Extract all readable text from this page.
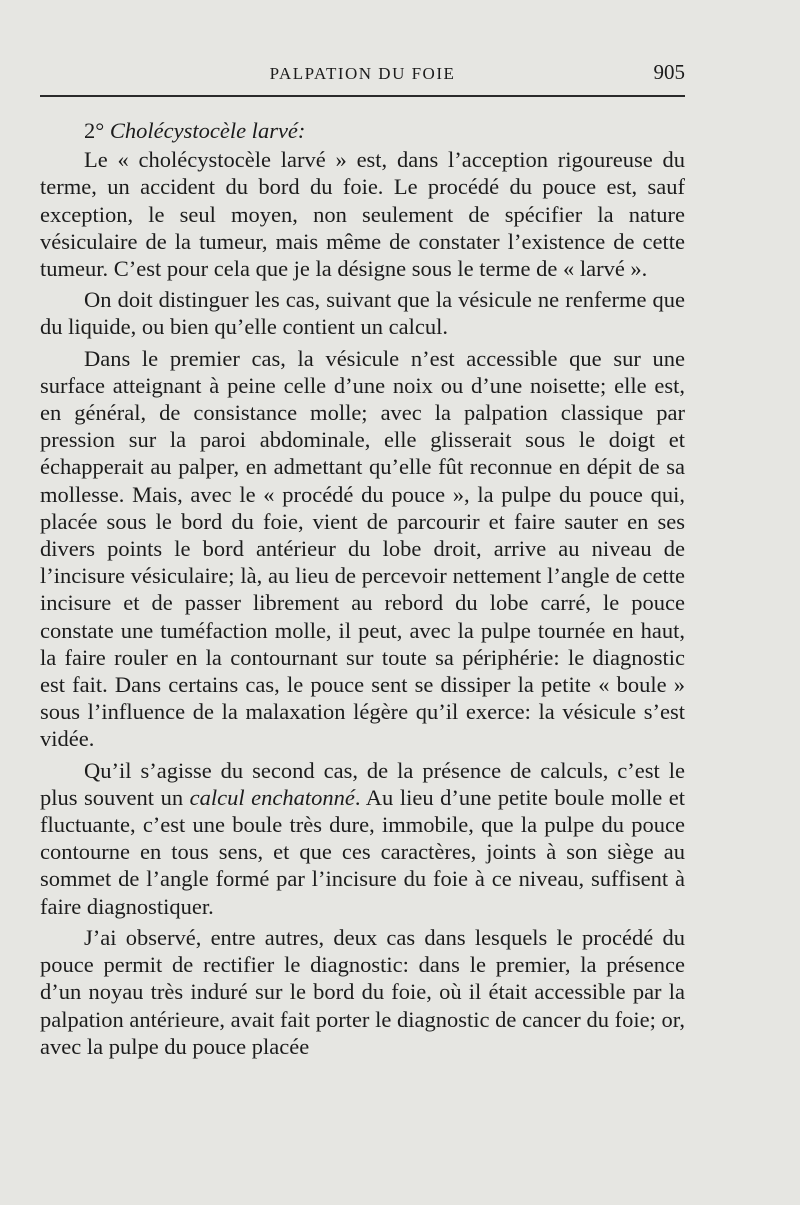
PALPATION DU FOIE	905

2° Cholécystocèle larvé:

Le « cholécystocèle larvé » est, dans l’acception rigoureuse du terme, un accident du bord du foie. Le procédé du pouce est, sauf exception, le seul moyen, non seulement de spécifier la nature vésiculaire de la tumeur, mais même de constater l’existence de cette tumeur. C’est pour cela que je la désigne sous le terme de « larvé ».

On doit distinguer les cas, suivant que la vésicule ne renferme que du liquide, ou bien qu’elle contient un calcul.

Dans le premier cas, la vésicule n’est accessible que sur une surface atteignant à peine celle d’une noix ou d’une noisette; elle est, en général, de consistance molle; avec la palpation classique par pression sur la paroi abdominale, elle glisserait sous le doigt et échapperait au palper, en admettant qu’elle fût reconnue en dépit de sa mollesse. Mais, avec le « procédé du pouce », la pulpe du pouce qui, placée sous le bord du foie, vient de parcourir et faire sauter en ses divers points le bord antérieur du lobe droit, arrive au niveau de l’incisure vésiculaire; là, au lieu de percevoir nettement l’angle de cette incisure et de passer librement au rebord du lobe carré, le pouce constate une tuméfaction molle, il peut, avec la pulpe tournée en haut, la faire rouler en la contournant sur toute sa périphérie: le diagnostic est fait. Dans certains cas, le pouce sent se dissiper la petite « boule » sous l’influence de la malaxation légère qu’il exerce: la vésicule s’est vidée.

Qu’il s’agisse du second cas, de la présence de calculs, c’est le plus souvent un calcul enchatonné. Au lieu d’une petite boule molle et fluctuante, c’est une boule très dure, immobile, que la pulpe du pouce contourne en tous sens, et que ces caractères, joints à son siège au sommet de l’angle formé par l’incisure du foie à ce niveau, suffisent à faire diagnostiquer.

J’ai observé, entre autres, deux cas dans lesquels le procédé du pouce permit de rectifier le diagnostic: dans le premier, la présence d’un noyau très induré sur le bord du foie, où il était accessible par la palpation antérieure, avait fait porter le diagnostic de cancer du foie; or, avec la pulpe du pouce placée
